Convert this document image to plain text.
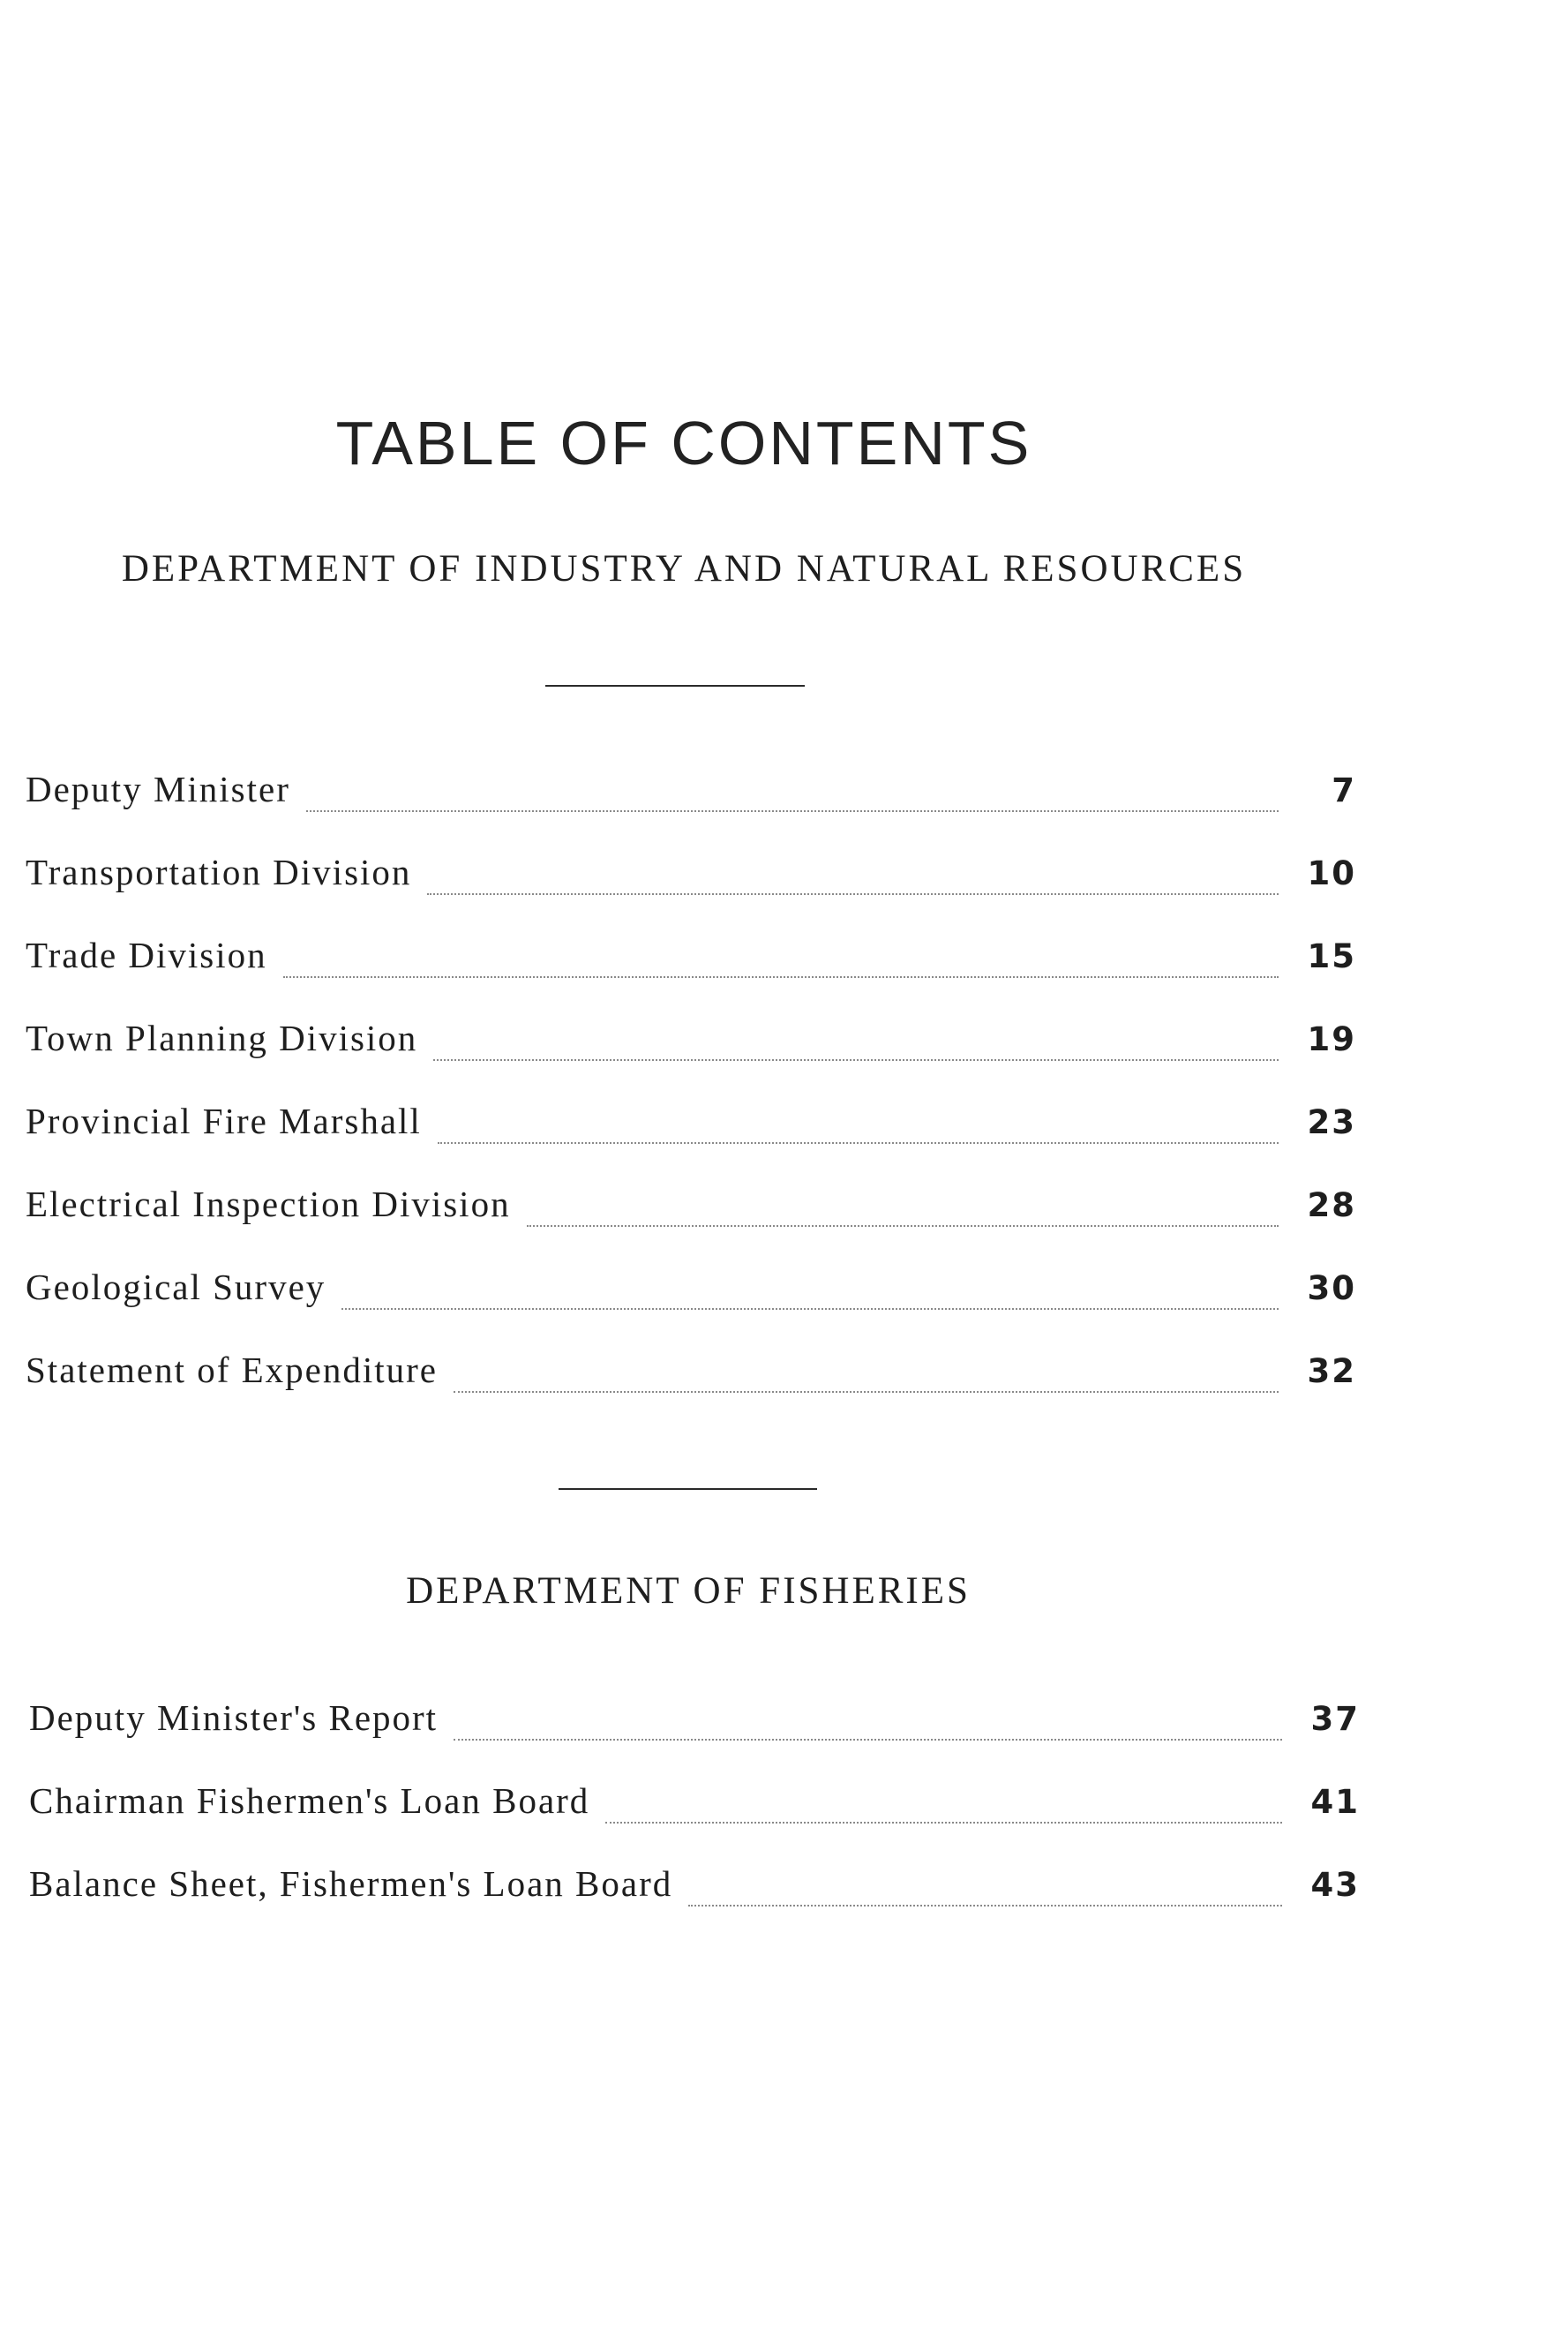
TABLE OF CONTENTS
DEPARTMENT OF INDUSTRY AND NATURAL RESOURCES
Deputy Minister	7
Transportation Division	10
Trade Division	15
Town Planning Division	19
Provincial Fire Marshall	23
Electrical Inspection Division	28
Geological Survey	30
Statement of Expenditure	32
DEPARTMENT OF FISHERIES
Deputy Minister's Report	37
Chairman Fishermen's Loan Board	41
Balance Sheet, Fishermen's Loan Board	43
